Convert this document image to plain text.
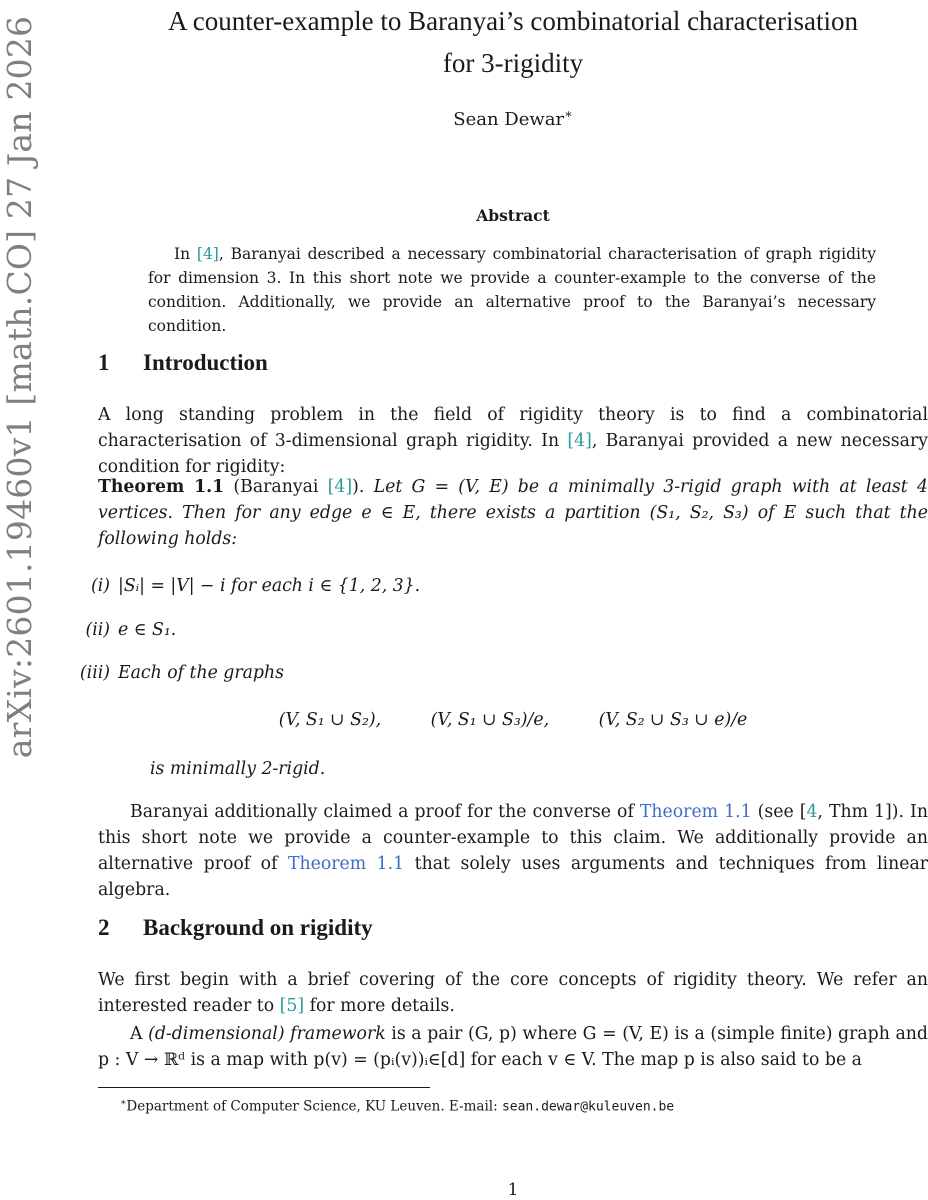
arXiv:2601.19460v1 [math.CO] 27 Jan 2026	A counter-example to Baranyai’s combinatorial characterisation
for 3-rigidity
Sean Dewar∗
Abstract

In [4], Baranyai described a necessary combinatorial characterisation of graph rigidity for dimension 3. In this short note we provide a counter-example to the converse of the condition. Additionally, we provide an alternative proof to the Baranyai’s necessary condition.

1 Introduction

A long standing problem in the field of rigidity theory is to find a combinatorial characterisation of 3-dimensional graph rigidity. In [4], Baranyai provided a new necessary condition for rigidity:

Theorem 1.1 (Baranyai [4]). Let G = (V, E) be a minimally 3-rigid graph with at least 4 vertices. Then for any edge e ∈ E, there exists a partition (S₁, S₂, S₃) of E such that the following holds:

(i) |Sᵢ| = |V| − i for each i ∈ {1, 2, 3}.
(ii) e ∈ S₁.
(iii) Each of the graphs
(V, S₁ ∪ S₂),	(V, S₁ ∪ S₃)/e,	(V, S₂ ∪ S₃ ∪ e)/e
is minimally 2-rigid.

Baranyai additionally claimed a proof for the converse of Theorem 1.1 (see [4, Thm 1]). In this short note we provide a counter-example to this claim. We additionally provide an alternative proof of Theorem 1.1 that solely uses arguments and techniques from linear algebra.

2 Background on rigidity

We first begin with a brief covering of the core concepts of rigidity theory. We refer an interested reader to [5] for more details.

A (d-dimensional) framework is a pair (G, p) where G = (V, E) is a (simple finite) graph and p : V → ℝᵈ is a map with p(v) = (pᵢ(v))ᵢ∈[d] for each v ∈ V. The map p is also said to be a

∗Department of Computer Science, KU Leuven. E-mail: sean.dewar@kuleuven.be
1
